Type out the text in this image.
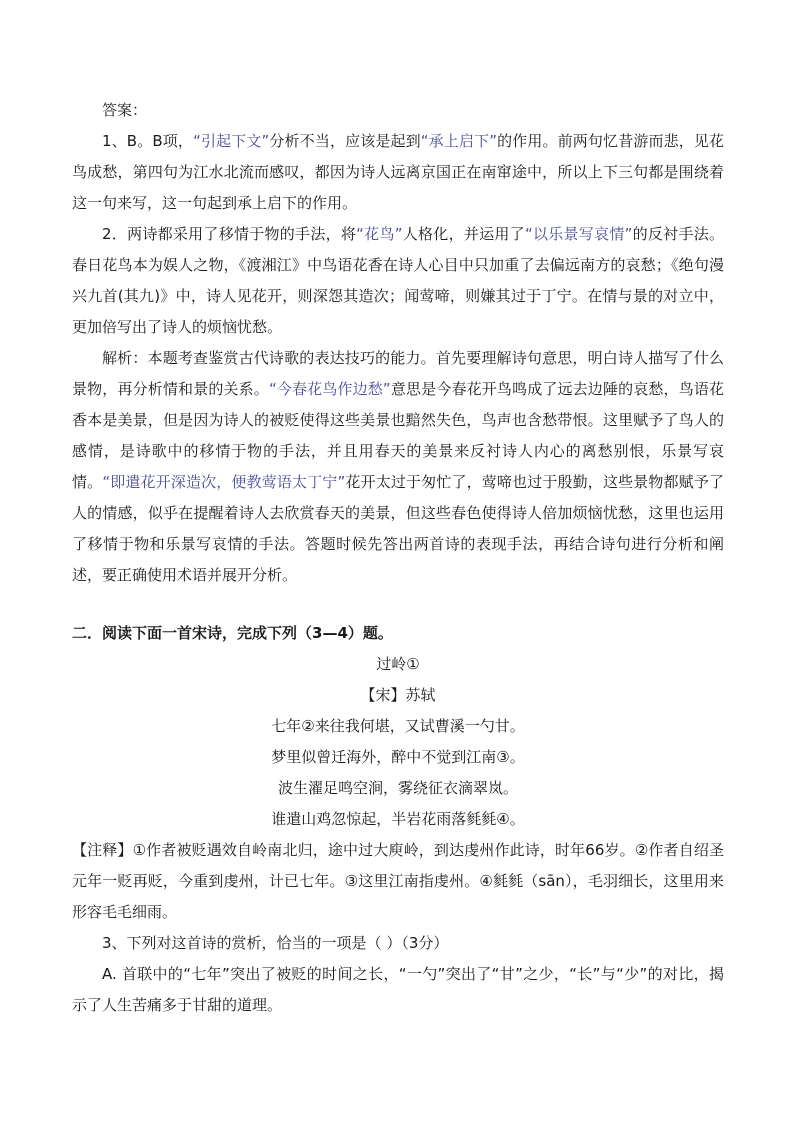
答案：

1、B。B项，“引起下文”分析不当，应该是起到“承上启下”的作用。前两句忆昔游而悲，见花鸟成愁，第四句为江水北流而感叹，都因为诗人远离京国正在南窜途中，所以上下三句都是围绕着这一句来写，这一句起到承上启下的作用。

2．两诗都采用了移情于物的手法，将“花鸟”人格化，并运用了“以乐景写哀情”的反衬手法。春日花鸟本为娱人之物，《渡湘江》中鸟语花香在诗人心目中只加重了去偏远南方的哀愁；《绝句漫兴九首(其九)》中，诗人见花开，则深怨其造次；闻莺啼，则嫌其过于丁宁。在情与景的对立中，更加倍写出了诗人的烦恼忧愁。

解析：本题考查鉴赏古代诗歌的表达技巧的能力。首先要理解诗句意思，明白诗人描写了什么景物，再分析情和景的关系。“今春花鸟作边愁”意思是今春花开鸟鸣成了远去边陲的哀愁，鸟语花香本是美景，但是因为诗人的被贬使得这些美景也黯然失色，鸟声也含愁带恨。这里赋予了鸟人的感情，是诗歌中的移情于物的手法，并且用春天的美景来反衬诗人内心的离愁别恨，乐景写哀情。“即遣花开深造次，便教莺语太丁宁”花开太过于匆忙了，莺啼也过于殷勤，这些景物都赋予了人的情感，似乎在提醒着诗人去欣赏春天的美景，但这些春色使得诗人倍加烦恼忧愁，这里也运用了移情于物和乐景写哀情的手法。答题时候先答出两首诗的表现手法，再结合诗句进行分析和阐述，要正确使用术语并展开分析。

二．阅读下面一首宋诗，完成下列（3—4）题。

过岭①

【宋】苏轼

七年②来往我何堪，又试曹溪一勺甘。

梦里似曾迁海外，醉中不觉到江南③。

波生濯足鸣空涧，雾绕征衣滴翠岚。

谁遣山鸡忽惊起，半岩花雨落毵毵④。

【注释】①作者被贬遇效自岭南北归，途中过大庾岭，到达虔州作此诗，时年66岁。②作者自绍圣元年一贬再贬，今重到虔州，计已七年。③这里江南指虔州。④毵毵（sān），毛羽细长，这里用来形容毛毛细雨。

3、下列对这首诗的赏析，恰当的一项是（ ）（3分）

A. 首联中的“七年”突出了被贬的时间之长，“一勺”突出了“甘”之少，“长”与“少”的对比，揭示了人生苦痛多于甘甜的道理。
